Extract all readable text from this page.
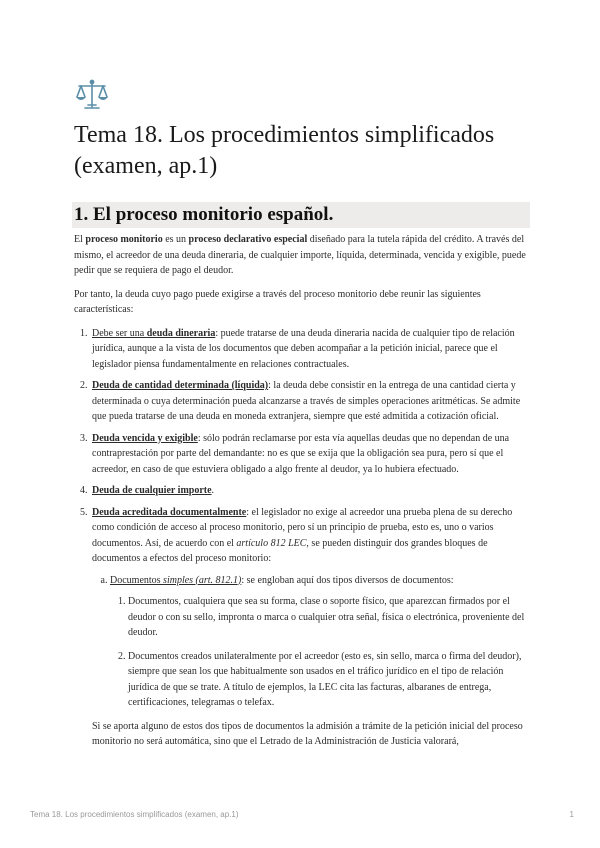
Tema 18. Los procedimientos simplificados (examen, ap.1)
1. El proceso monitorio español.

El proceso monitorio es un proceso declarativo especial diseñado para la tutela rápida del crédito. A través del mismo, el acreedor de una deuda dineraria, de cualquier importe, líquida, determinada, vencida y exigible, puede pedir que se requiera de pago el deudor.

Por tanto, la deuda cuyo pago puede exigirse a través del proceso monitorio debe reunir las siguientes características:

1. Debe ser una deuda dineraria: puede tratarse de una deuda dineraria nacida de cualquier tipo de relación jurídica, aunque a la vista de los documentos que deben acompañar a la petición inicial, parece que el legislador piensa fundamentalmente en relaciones contractuales.
2. Deuda de cantidad determinada (líquida): la deuda debe consistir en la entrega de una cantidad cierta y determinada o cuya determinación pueda alcanzarse a través de simples operaciones aritméticas. Se admite que pueda tratarse de una deuda en moneda extranjera, siempre que esté admitida a cotización oficial.
3. Deuda vencida y exigible: sólo podrán reclamarse por esta vía aquellas deudas que no dependan de una contraprestación por parte del demandante: no es que se exija que la obligación sea pura, pero sí que el acreedor, en caso de que estuviera obligado a algo frente al deudor, ya lo hubiera efectuado.
4. Deuda de cualquier importe.
5. Deuda acreditada documentalmente: el legislador no exige al acreedor una prueba plena de su derecho como condición de acceso al proceso monitorio, pero sí un principio de prueba, esto es, uno o varios documentos. Así, de acuerdo con el artículo 812 LEC, se pueden distinguir dos grandes bloques de documentos a efectos del proceso monitorio:
a. Documentos simples (art. 812.1): se engloban aquí dos tipos diversos de documentos:
1. Documentos, cualquiera que sea su forma, clase o soporte físico, que aparezcan firmados por el deudor o con su sello, impronta o marca o cualquier otra señal, física o electrónica, proveniente del deudor.
2. Documentos creados unilateralmente por el acreedor (esto es, sin sello, marca o firma del deudor), siempre que sean los que habitualmente son usados en el tráfico jurídico en el tipo de relación jurídica de que se trate. A título de ejemplos, la LEC cita las facturas, albaranes de entrega, certificaciones, telegramas o telefax.

Si se aporta alguno de estos dos tipos de documentos la admisión a trámite de la petición inicial del proceso monitorio no será automática, sino que el Letrado de la Administración de Justicia valorará,

Tema 18. Los procedimientos simplificados (examen, ap.1)	1
